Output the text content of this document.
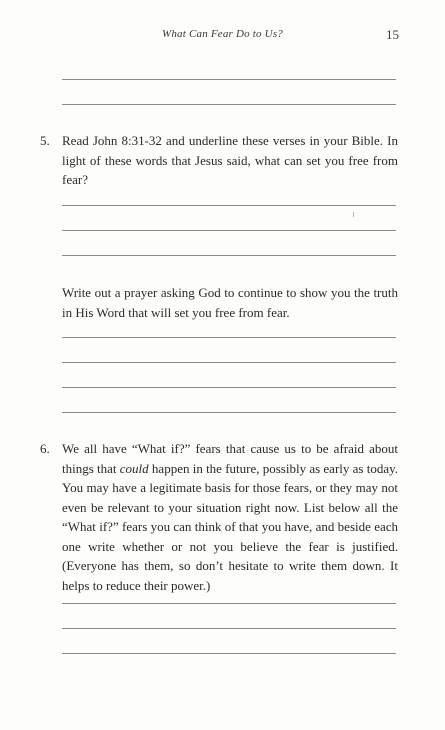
What Can Fear Do to Us?	15
5. Read John 8:31-32 and underline these verses in your Bible. In light of these words that Jesus said, what can set you free from fear?
Write out a prayer asking God to continue to show you the truth in His Word that will set you free from fear.
6. We all have “What if?” fears that cause us to be afraid about things that could happen in the future, possibly as early as today. You may have a legitimate basis for those fears, or they may not even be relevant to your situation right now. List below all the “What if?” fears you can think of that you have, and beside each one write whether or not you believe the fear is justified. (Everyone has them, so don’t hesitate to write them down. It helps to reduce their power.)
